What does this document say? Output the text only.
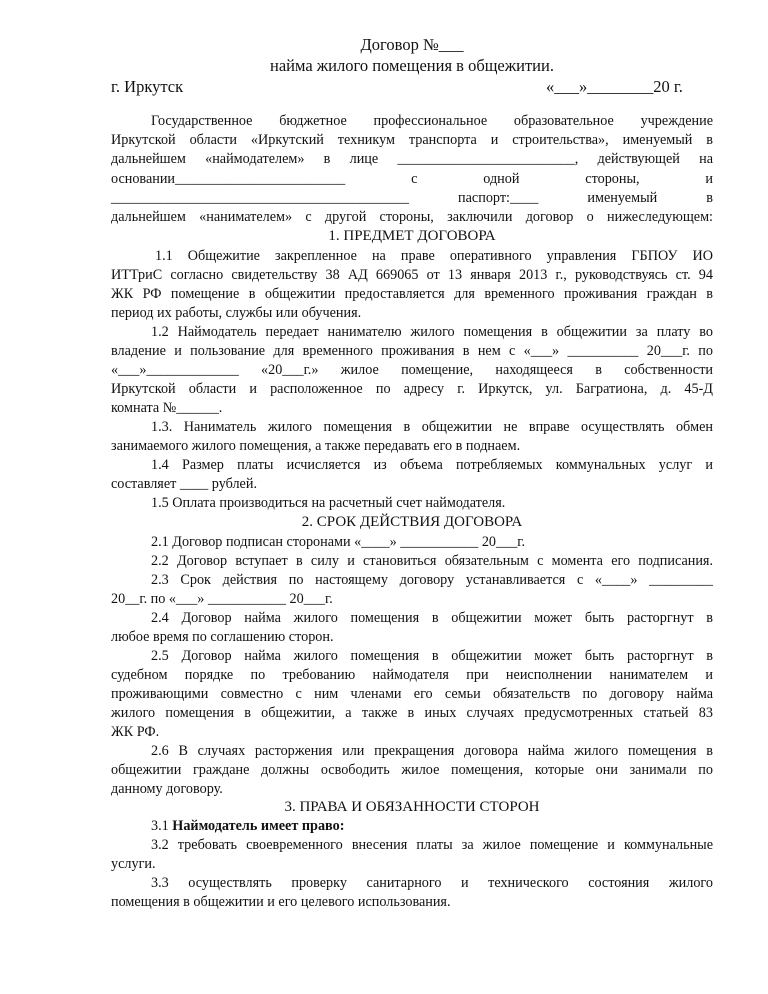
Договор №___
найма жилого помещения в общежитии.
г. Иркутск	«___»________20 г.
Государственное бюджетное профессиональное образовательное учреждение
Иркутской области «Иркутский техникум транспорта и строительства», именуемый в
дальнейшем «наймодателем» в лице _________________________, действующей на
основании________________________ с одной стороны, и
__________________________________________ паспорт:____ именуемый в
дальнейшем «нанимателем» с другой стороны, заключили договор о нижеследующем:
1. ПРЕДМЕТ ДОГОВОРА
1.1 Общежитие закрепленное на праве оперативного управления ГБПОУ ИО
ИТТриС согласно свидетельству 38 АД 669065 от 13 января 2013 г., руководствуясь ст. 94
ЖК РФ помещение в общежитии предоставляется для временного проживания граждан в
период их работы, службы или обучения.
1.2 Наймодатель передает нанимателю жилого помещения в общежитии за плату во
владение и пользование для временного проживания в нем с «___» __________ 20___г. по
«___»_____________ «20___г.» жилое помещение, находящееся в собственности
Иркутской области и расположенное по адресу г. Иркутск, ул. Багратиона, д. 45-Д
комната №______.
1.3. Наниматель жилого помещения в общежитии не вправе осуществлять обмен
занимаемого жилого помещения, а также передавать его в поднаем.
1.4 Размер платы исчисляется из объема потребляемых коммунальных услуг и
составляет ____ рублей.
1.5 Оплата производиться на расчетный счет наймодателя.
2. СРОК ДЕЙСТВИЯ ДОГОВОРА
2.1 Договор подписан сторонами «____» ___________ 20___г.
2.2 Договор вступает в силу и становиться обязательным с момента его подписания.
2.3 Срок действия по настоящему договору устанавливается с «____» _________
20__г. по «___» ___________ 20___г.
2.4 Договор найма жилого помещения в общежитии может быть расторгнут в
любое время по соглашению сторон.
2.5 Договор найма жилого помещения в общежитии может быть расторгнут в
судебном порядке по требованию наймодателя при неисполнении нанимателем и
проживающими совместно с ним членами его семьи обязательств по договору найма
жилого помещения в общежитии, а также в иных случаях предусмотренных статьей 83
ЖК РФ.
2.6 В случаях расторжения или прекращения договора найма жилого помещения в
общежитии граждане должны освободить жилое помещения, которые они занимали по
данному договору.
3. ПРАВА И ОБЯЗАННОСТИ СТОРОН
3.1 Наймодатель имеет право:
3.2 требовать своевременного внесения платы за жилое помещение и коммунальные
услуги.
3.3 осуществлять проверку санитарного и технического состояния жилого
помещения в общежитии и его целевого использования.
